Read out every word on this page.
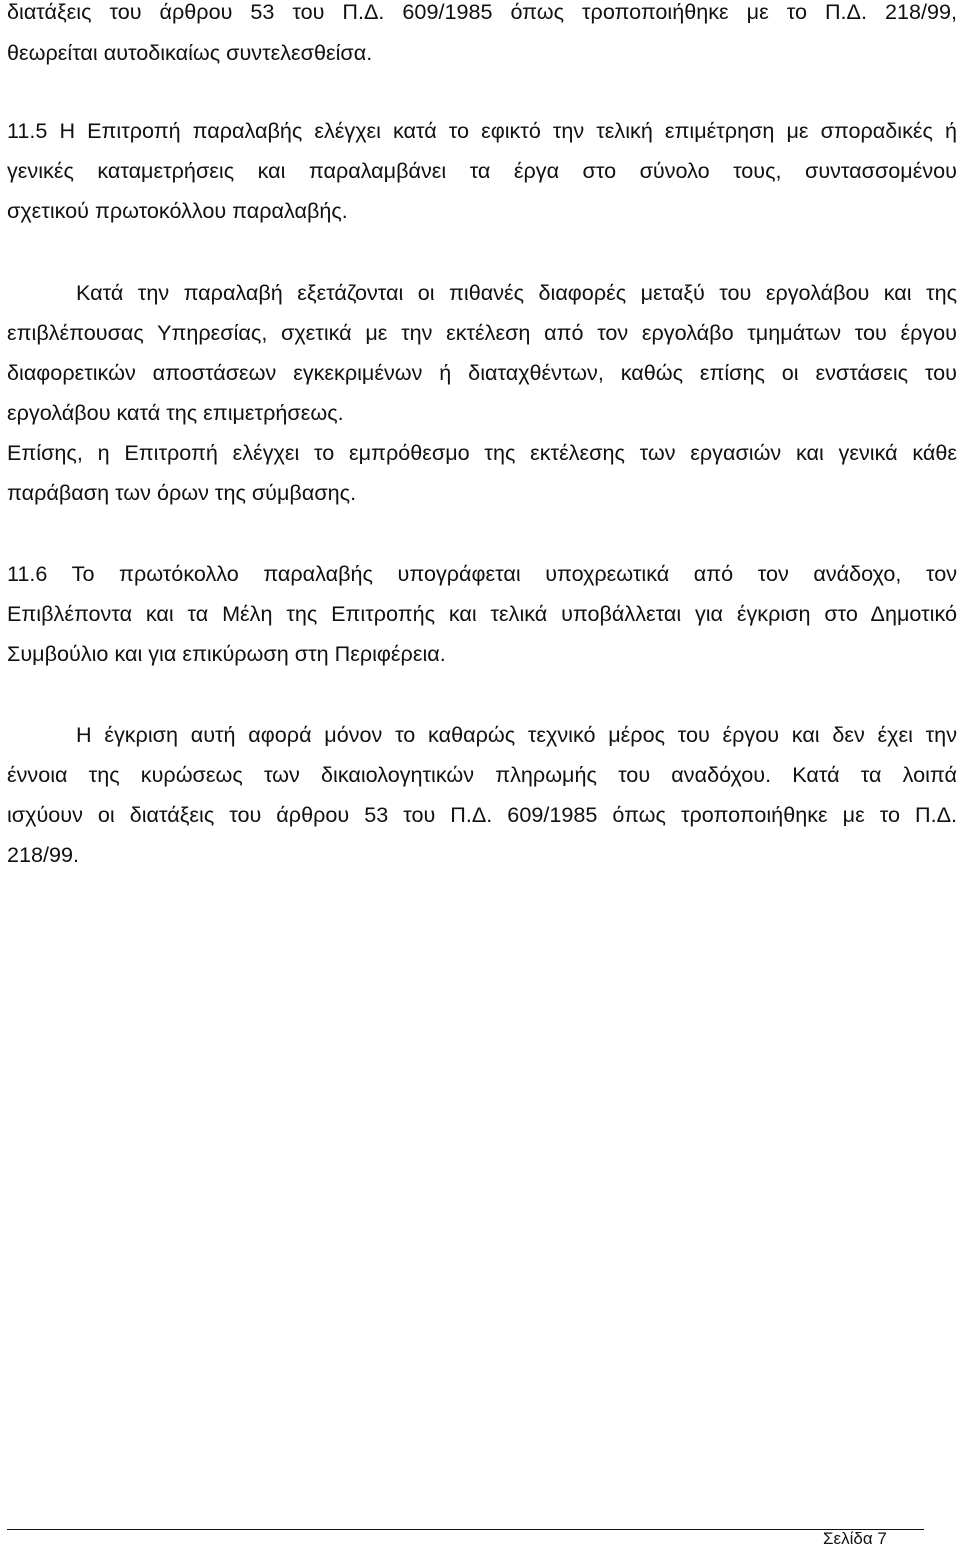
διατάξεις του άρθρου 53 του Π.Δ. 609/1985 όπως τροποποιήθηκε με το Π.Δ. 218/99,
θεωρείται αυτοδικαίως συντελεσθείσα.
11.5 Η Επιτροπή παραλαβής ελέγχει κατά το εφικτό την τελική επιμέτρηση με σποραδικές ή
γενικές καταμετρήσεις και παραλαμβάνει τα έργα στο σύνολο τους, συντασσομένου
σχετικού πρωτοκόλλου παραλαβής.
Κατά την παραλαβή εξετάζονται οι πιθανές διαφορές μεταξύ του εργολάβου και της
επιβλέπουσας Υπηρεσίας, σχετικά με την εκτέλεση από τον εργολάβο τμημάτων του έργου
διαφορετικών αποστάσεων εγκεκριμένων ή διαταχθέντων, καθώς επίσης οι ενστάσεις του
εργολάβου κατά της επιμετρήσεως.
Επίσης, η Επιτροπή ελέγχει το εμπρόθεσμο της εκτέλεσης των εργασιών και γενικά κάθε
παράβαση των όρων της σύμβασης.
11.6 Το πρωτόκολλο παραλαβής υπογράφεται υποχρεωτικά από τον ανάδοχο, τον
Επιβλέποντα και τα Μέλη της Επιτροπής και τελικά υποβάλλεται για έγκριση στο Δημοτικό
Συμβούλιο και για επικύρωση στη Περιφέρεια.
Η έγκριση αυτή αφορά μόνον το καθαρώς τεχνικό μέρος του έργου και δεν έχει την
έννοια της κυρώσεως των δικαιολογητικών πληρωμής του αναδόχου. Κατά τα λοιπά
ισχύουν οι διατάξεις του άρθρου 53 του Π.Δ. 609/1985 όπως τροποποιήθηκε με το Π.Δ.
218/99.
Σελίδα 7
